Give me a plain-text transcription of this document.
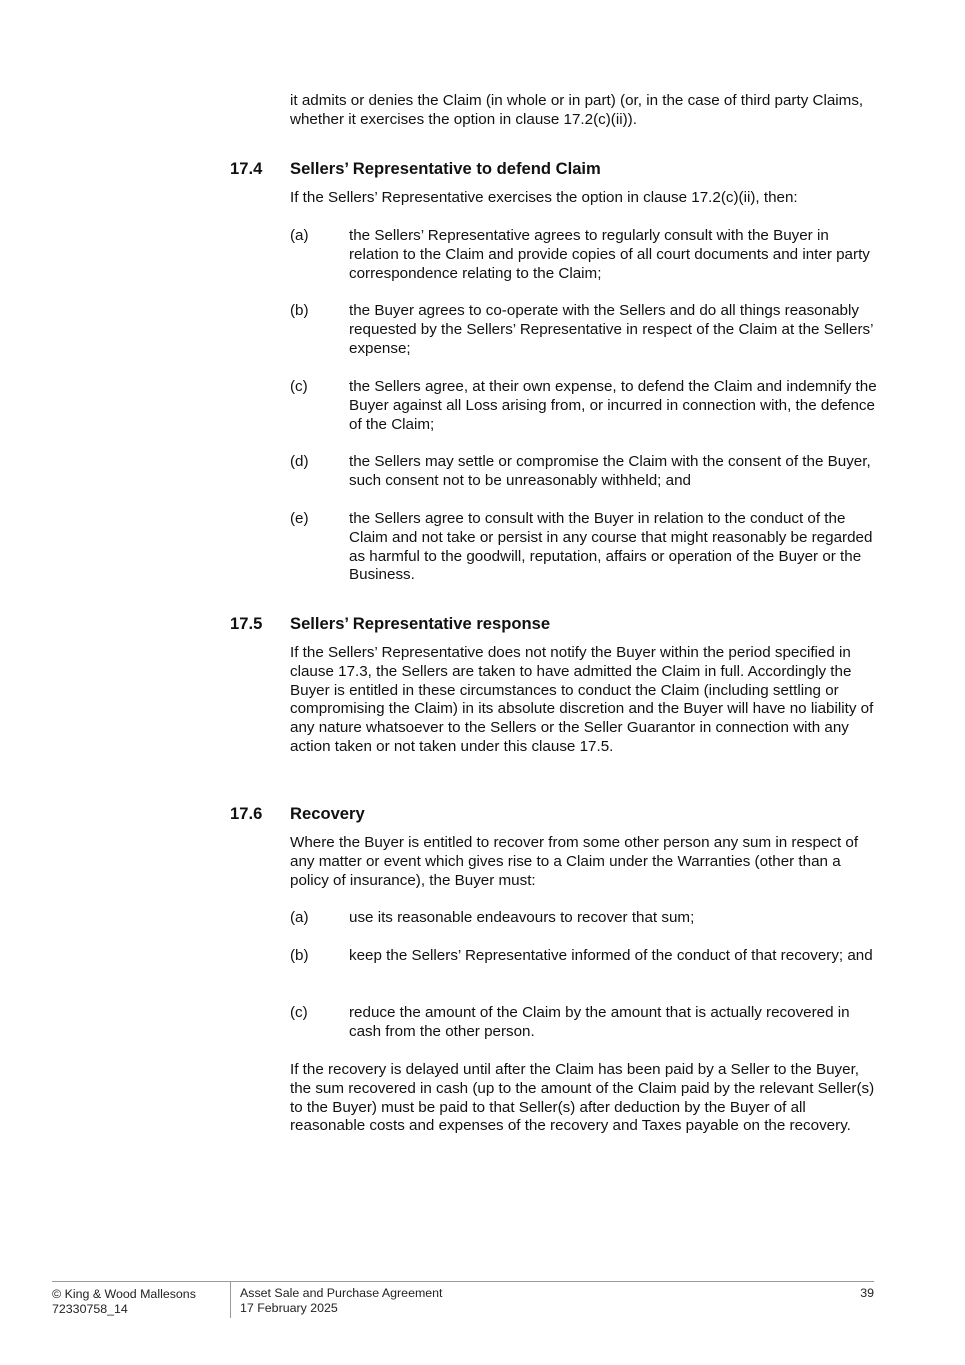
it admits or denies the Claim (in whole or in part) (or, in the case of third party Claims, whether it exercises the option in clause 17.2(c)(ii)).

17.4 Sellers’ Representative to defend Claim

If the Sellers’ Representative exercises the option in clause 17.2(c)(ii), then:

(a)	the Sellers’ Representative agrees to regularly consult with the Buyer in relation to the Claim and provide copies of all court documents and inter party correspondence relating to the Claim;
(b)	the Buyer agrees to co-operate with the Sellers and do all things reasonably requested by the Sellers’ Representative in respect of the Claim at the Sellers’ expense;
(c)	the Sellers agree, at their own expense, to defend the Claim and indemnify the Buyer against all Loss arising from, or incurred in connection with, the defence of the Claim;
(d)	the Sellers may settle or compromise the Claim with the consent of the Buyer, such consent not to be unreasonably withheld; and
(e)	the Sellers agree to consult with the Buyer in relation to the conduct of the Claim and not take or persist in any course that might reasonably be regarded as harmful to the goodwill, reputation, affairs or operation of the Buyer or the Business.
17.5 Sellers’ Representative response

If the Sellers’ Representative does not notify the Buyer within the period specified in clause 17.3, the Sellers are taken to have admitted the Claim in full. Accordingly the Buyer is entitled in these circumstances to conduct the Claim (including settling or compromising the Claim) in its absolute discretion and the Buyer will have no liability of any nature whatsoever to the Sellers or the Seller Guarantor in connection with any action taken or not taken under this clause 17.5.

17.6 Recovery

Where the Buyer is entitled to recover from some other person any sum in respect of any matter or event which gives rise to a Claim under the Warranties (other than a policy of insurance), the Buyer must:

(a)	use its reasonable endeavours to recover that sum;
(b)	keep the Sellers’ Representative informed of the conduct of that recovery; and
(c)	reduce the amount of the Claim by the amount that is actually recovered in cash from the other person.

If the recovery is delayed until after the Claim has been paid by a Seller to the Buyer, the sum recovered in cash (up to the amount of the Claim paid by the relevant Seller(s) to the Buyer) must be paid to that Seller(s) after deduction by the Buyer of all reasonable costs and expenses of the recovery and Taxes payable on the recovery.

© King & Wood Mallesons
72330758_14
Asset Sale and Purchase Agreement
17 February 2025
39
